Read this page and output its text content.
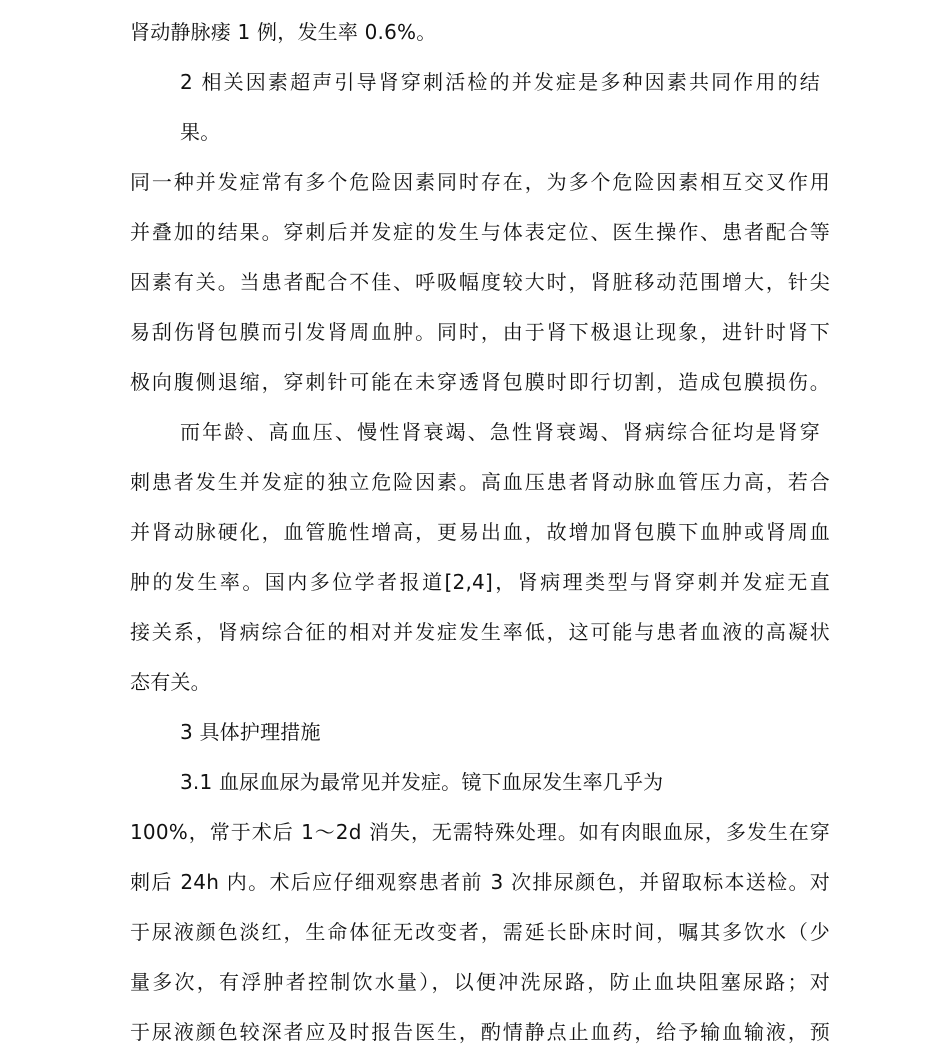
肾动静脉瘘 1 例，发生率 0.6%。
2 相关因素超声引导肾穿刺活检的并发症是多种因素共同作用的结
果。
同一种并发症常有多个危险因素同时存在，为多个危险因素相互交叉作用
并叠加的结果。穿刺后并发症的发生与体表定位、医生操作、患者配合等
因素有关。当患者配合不佳、呼吸幅度较大时，肾脏移动范围增大，针尖
易刮伤肾包膜而引发肾周血肿。同时，由于肾下极退让现象，进针时肾下
极向腹侧退缩，穿刺针可能在未穿透肾包膜时即行切割，造成包膜损伤。
而年龄、高血压、慢性肾衰竭、急性肾衰竭、肾病综合征均是肾穿
刺患者发生并发症的独立危险因素。高血压患者肾动脉血管压力高，若合
并肾动脉硬化，血管脆性增高，更易出血，故增加肾包膜下血肿或肾周血
肿的发生率。国内多位学者报道[2,4]，肾病理类型与肾穿刺并发症无直
接关系，肾病综合征的相对并发症发生率低，这可能与患者血液的高凝状
态有关。
3 具体护理措施
3.1 血尿血尿为最常见并发症。镜下血尿发生率几乎为
100%，常于术后 1～2d 消失，无需特殊处理。如有肉眼血尿，多发生在穿
刺后 24h 内。术后应仔细观察患者前 3 次排尿颜色，并留取标本送检。对
于尿液颜色淡红，生命体征无改变者，需延长卧床时间，嘱其多饮水（少
量多次，有浮肿者控制饮水量），以便冲洗尿路，防止血块阻塞尿路；对
于尿液颜色较深者应及时报告医生，酌情静点止血药，给予输血输液，预
